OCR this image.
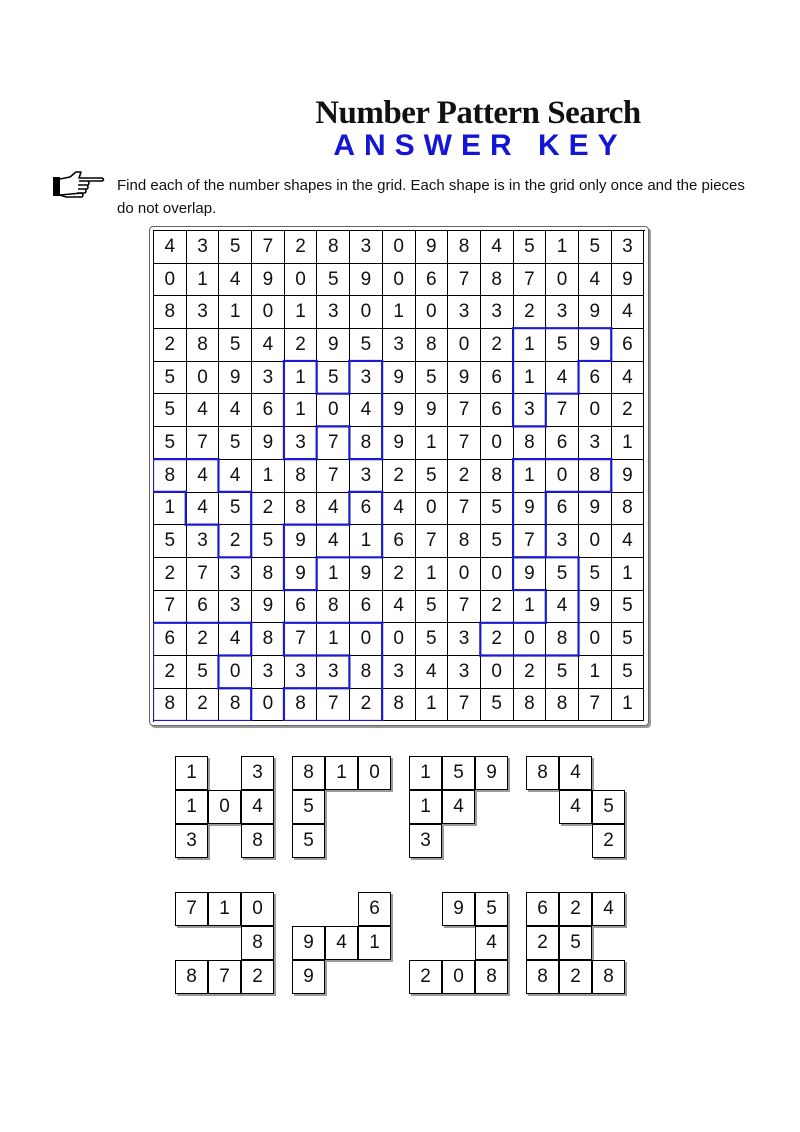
Number Pattern Search
ANSWER KEY
Find each of the number shapes in the grid. Each shape is in the grid only once and the pieces do not overlap.
4	3	5	7	2	8	3	0	9	8	4	5	1	5	3
0	1	4	9	0	5	9	0	6	7	8	7	0	4	9
8	3	1	0	1	3	0	1	0	3	3	2	3	9	4
2	8	5	4	2	9	5	3	8	0	2	1	5	9	6
5	0	9	3	1	5	3	9	5	9	6	1	4	6	4
5	4	4	6	1	0	4	9	9	7	6	3	7	0	2
5	7	5	9	3	7	8	9	1	7	0	8	6	3	1
8	4	4	1	8	7	3	2	5	2	8	1	0	8	9
1	4	5	2	8	4	6	4	0	7	5	9	6	9	8
5	3	2	5	9	4	1	6	7	8	5	7	3	0	4
2	7	3	8	9	1	9	2	1	0	0	9	5	5	1
7	6	3	9	6	8	6	4	5	7	2	1	4	9	5
6	2	4	8	7	1	0	0	5	3	2	0	8	0	5
2	5	0	3	3	3	8	3	4	3	0	2	5	1	5
8	2	8	0	8	7	2	8	1	7	5	8	8	7	1
1	3
1	0	4
3	8
8	1	0
5
5
1	5	9
1	4
3
8	4
4	5
2
7	1	0
8
8	7	2
6
9	4	1
9
9	5
4
2	0	8
6	2	4
2	5
8	2	8
